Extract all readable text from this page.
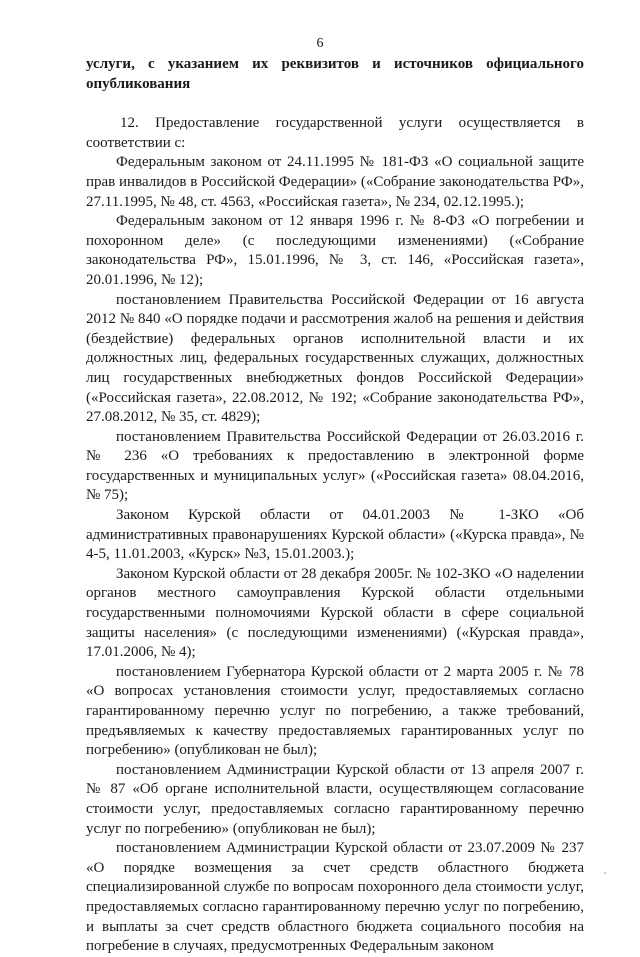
6

услуги, с указанием их реквизитов и источников официального опубликования

12. Предоставление государственной услуги осуществляется в соответствии с:

Федеральным законом от 24.11.1995 № 181-ФЗ «О социальной защите прав инвалидов в Российской Федерации» («Собрание законодательства РФ», 27.11.1995, № 48, ст. 4563, «Российская газета», № 234, 02.12.1995.);

Федеральным законом от 12 января 1996 г. № 8-ФЗ «О погребении и похоронном деле» (с последующими изменениями) («Собрание законодательства РФ», 15.01.1996, № 3, ст. 146, «Российская газета», 20.01.1996, № 12);

постановлением Правительства Российской Федерации от 16 августа 2012 № 840 «О порядке подачи и рассмотрения жалоб на решения и действия (бездействие) федеральных органов исполнительной власти и их должностных лиц, федеральных государственных служащих, должностных лиц государственных внебюджетных фондов Российской Федерации» («Российская газета», 22.08.2012, № 192; «Собрание законодательства РФ», 27.08.2012, № 35, ст. 4829);

постановлением Правительства Российской Федерации от 26.03.2016 г. № 236 «О требованиях к предоставлению в электронной форме государственных и муниципальных услуг» («Российская газета» 08.04.2016, № 75);

Законом Курской области от 04.01.2003 № 1-ЗКО «Об административных правонарушениях Курской области» («Курска правда», № 4-5, 11.01.2003, «Курск» №3, 15.01.2003.);

Законом Курской области от 28 декабря 2005г. № 102-ЗКО «О наделении органов местного самоуправления Курской области отдельными государственными полномочиями Курской области в сфере социальной защиты населения» (с последующими изменениями) («Курская правда», 17.01.2006, № 4);

постановлением Губернатора Курской области от 2 марта 2005 г. № 78 «О вопросах установления стоимости услуг, предоставляемых согласно гарантированному перечню услуг по погребению, а также требований, предъявляемых к качеству предоставляемых гарантированных услуг по погребению» (опубликован не был);

постановлением Администрации Курской области от 13 апреля 2007 г. № 87 «Об органе исполнительной власти, осуществляющем согласование стоимости услуг, предоставляемых согласно гарантированному перечню услуг по погребению» (опубликован не был);

постановлением Администрации Курской области от 23.07.2009 № 237 «О порядке возмещения за счет средств областного бюджета специализированной службе по вопросам похоронного дела стоимости услуг, предоставляемых согласно гарантированному перечню услуг по погребению, и выплаты за счет средств областного бюджета социального пособия на погребение в случаях, предусмотренных Федеральным законом
